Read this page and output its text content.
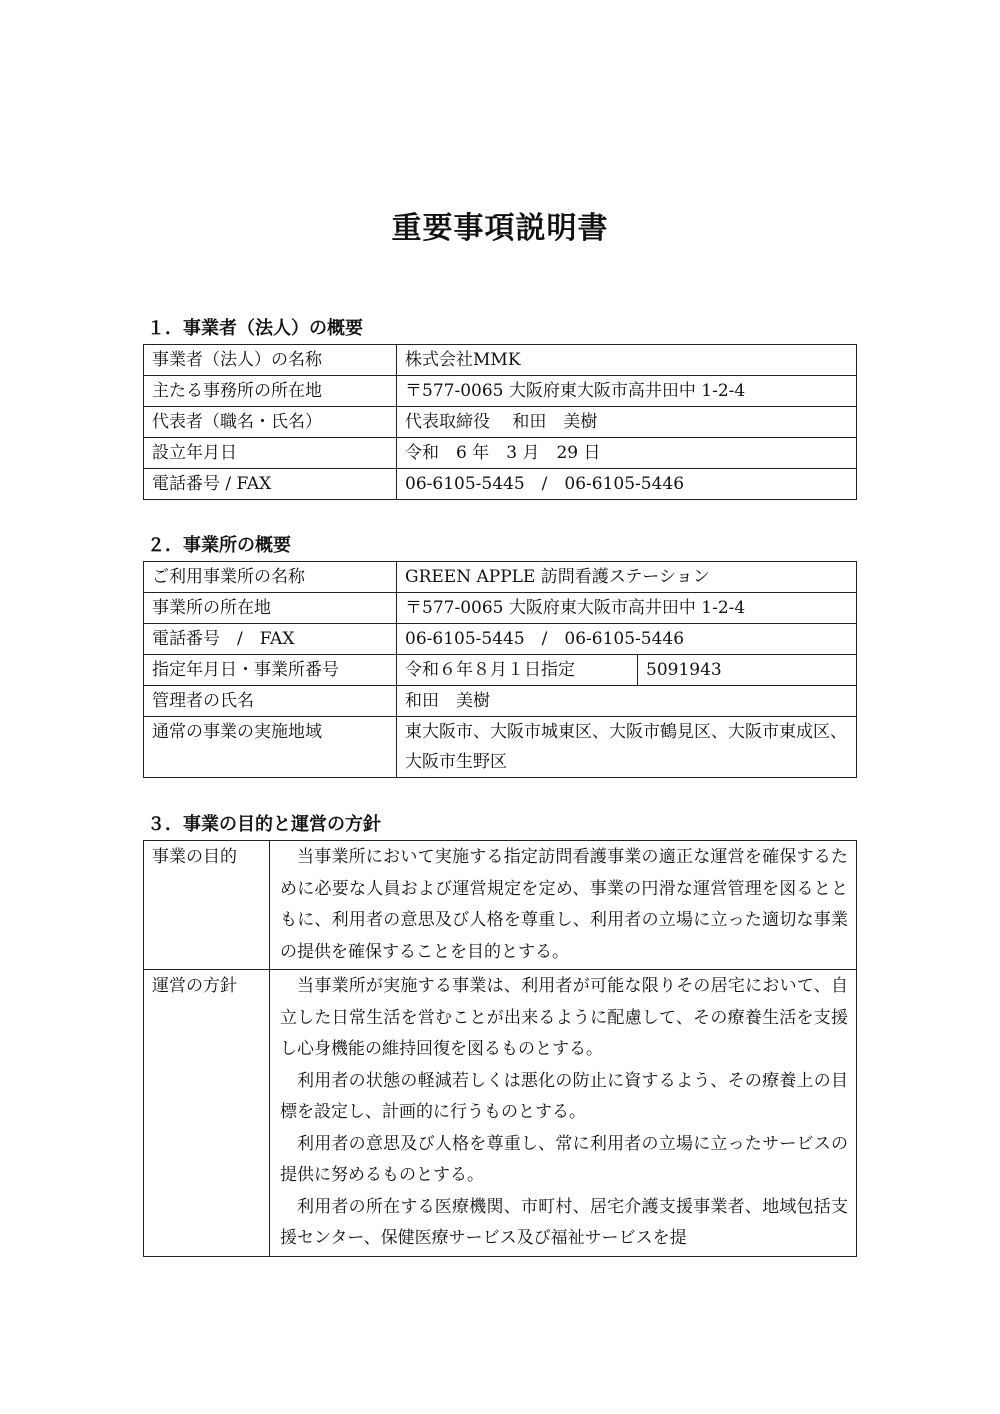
重要事項説明書
１．事業者（法人）の概要
事業者（法人）の名称	株式会社MMK
主たる事務所の所在地	〒577-0065 大阪府東大阪市高井田中 1-2-4
代表者（職名・氏名）	代表取締役　 和田　美樹
設立年月日	令和　6 年　3 月　29 日
電話番号 / FAX	06-6105-5445　/　06-6105-5446
２．事業所の概要
ご利用事業所の名称	GREEN APPLE 訪問看護ステーション	
事業所の所在地	〒577-0065 大阪府東大阪市高井田中 1-2-4	
電話番号　/　FAX	06-6105-5445　/　06-6105-5446	
指定年月日・事業所番号	令和６年８月１日指定	5091943
管理者の氏名	和田　美樹	
通常の事業の実施地域	東大阪市、大阪市城東区、大阪市鶴見区、大阪市東成区、大阪市生野区	
３．事業の目的と運営の方針
事業の目的	当事業所において実施する指定訪問看護事業の適正な運営を確保するために必要な人員および運営規定を定め、事業の円滑な運営管理を図るとともに、利用者の意思及び人格を尊重し、利用者の立場に立った適切な事業の提供を確保することを目的とする。

運営の方針	当事業所が実施する事業は、利用者が可能な限りその居宅において、自立した日常生活を営むことが出来るように配慮して、その療養生活を支援し心身機能の維持回復を図るものとする。

利用者の状態の軽減若しくは悪化の防止に資するよう、その療養上の目標を設定し、計画的に行うものとする。

利用者の意思及び人格を尊重し、常に利用者の立場に立ったサービスの提供に努めるものとする。

利用者の所在する医療機関、市町村、居宅介護支援事業者、地域包括支援センター、保健医療サービス及び福祉サービスを提
